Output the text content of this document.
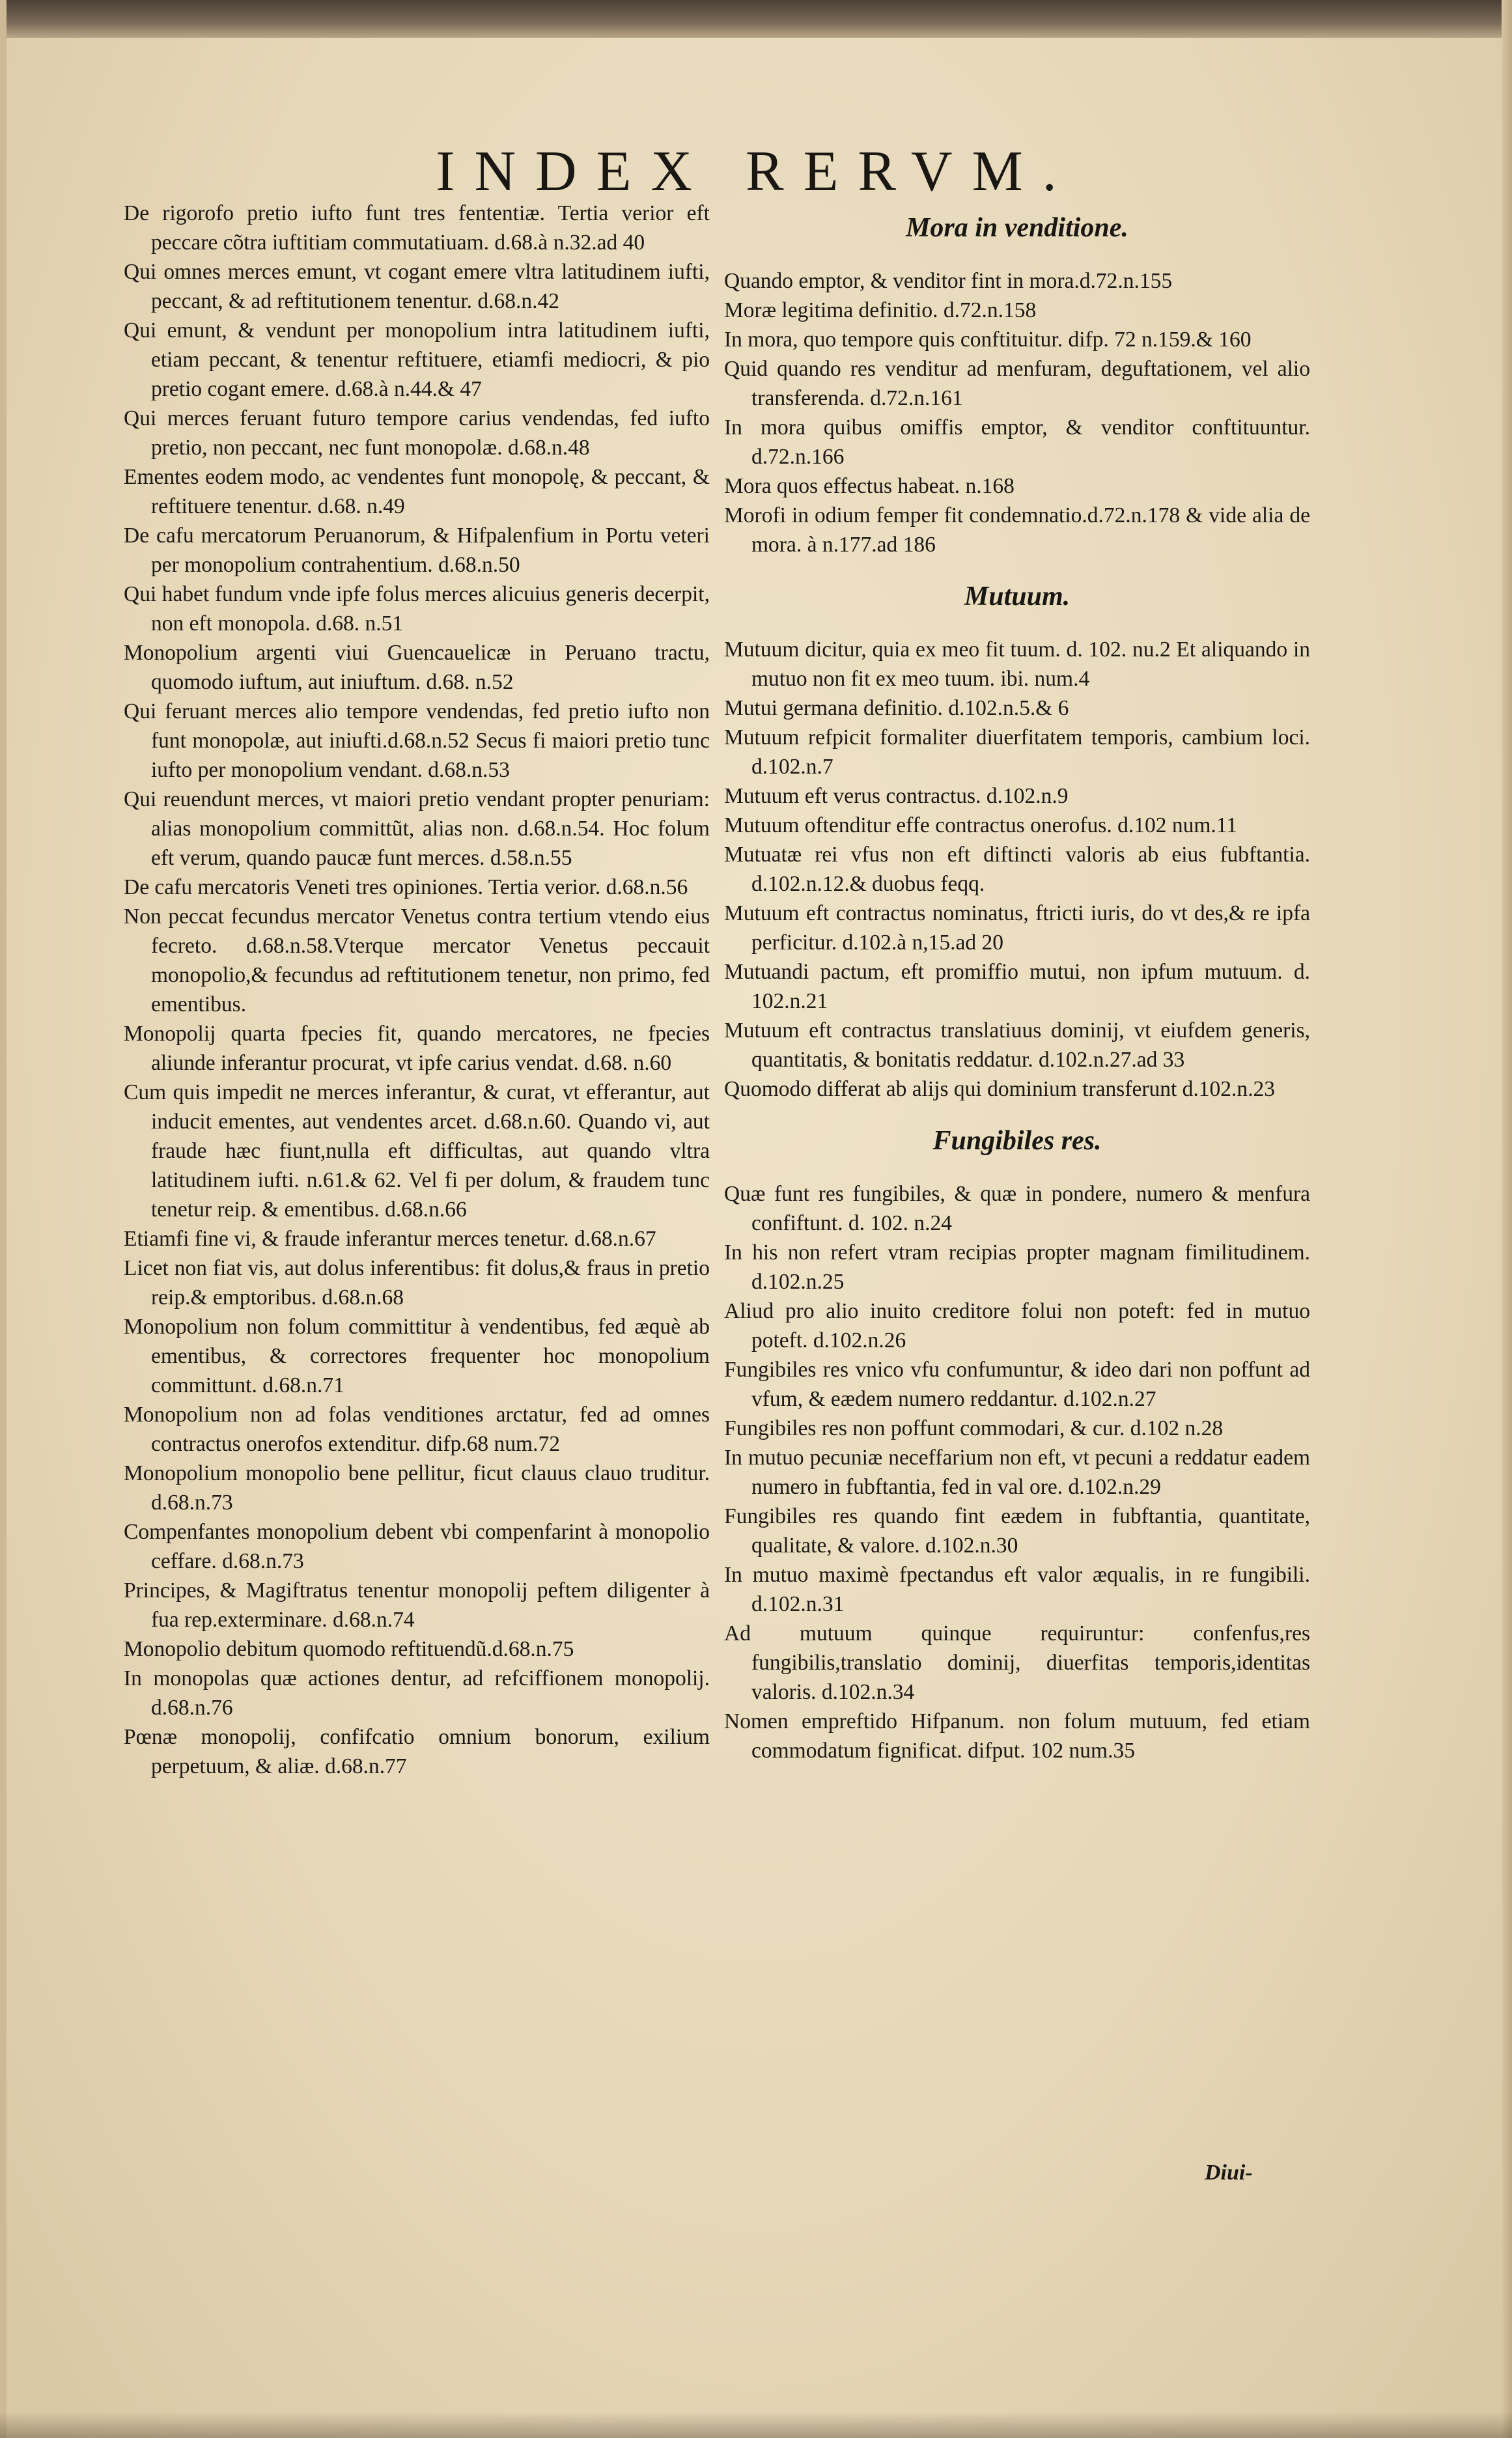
INDEX RERVM.
De rigorofo pretio iufto funt tres fententiæ. Tertia verior eft peccare cõtra iuftitiam commutatiuam. d.68.à n.32.ad 40
Qui omnes merces emunt, vt cogant emere vltra latitudinem iufti, peccant, & ad reftitutionem tenentur. d.68.n.42
Qui emunt, & vendunt per monopolium intra latitudinem iufti, etiam peccant, & tenentur reftituere, etiamfi mediocri, & pio pretio cogant emere. d.68.à n.44.& 47
Qui merces feruant futuro tempore carius vendendas, fed iufto pretio, non peccant, nec funt monopolæ. d.68.n.48
Ementes eodem modo, ac vendentes funt monopolę, & peccant, & reftituere tenentur. d.68. n.49
De cafu mercatorum Peruanorum, & Hifpalenfium in Portu veteri per monopolium contrahentium. d.68.n.50
Qui habet fundum vnde ipfe folus merces alicuius generis decerpit, non eft monopola. d.68. n.51
Monopolium argenti viui Guencauelicæ in Peruano tractu, quomodo iuftum, aut iniuftum. d.68. n.52
Qui feruant merces alio tempore vendendas, fed pretio iufto non funt monopolæ, aut iniufti.d.68.n.52 Secus fi maiori pretio tunc iufto per monopolium vendant. d.68.n.53
Qui reuendunt merces, vt maiori pretio vendant propter penuriam: alias monopolium committũt, alias non. d.68.n.54. Hoc folum eft verum, quando paucæ funt merces. d.58.n.55
De cafu mercatoris Veneti tres opiniones. Tertia verior. d.68.n.56
Non peccat fecundus mercator Venetus contra tertium vtendo eius fecreto. d.68.n.58.Vterque mercator Venetus peccauit monopolio,& fecundus ad reftitutionem tenetur, non primo, fed ementibus.
Monopolij quarta fpecies fit, quando mercatores, ne fpecies aliunde inferantur procurat, vt ipfe carius vendat. d.68. n.60
Cum quis impedit ne merces inferantur, & curat, vt efferantur, aut inducit ementes, aut vendentes arcet. d.68.n.60. Quando vi, aut fraude hæc fiunt,nulla eft difficultas, aut quando vltra latitudinem iufti. n.61.& 62. Vel fi per dolum, & fraudem tunc tenetur reip. & ementibus. d.68.n.66
Etiamfi fine vi, & fraude inferantur merces tenetur. d.68.n.67
Licet non fiat vis, aut dolus inferentibus: fit dolus,& fraus in pretio reip.& emptoribus. d.68.n.68
Monopolium non folum committitur à vendentibus, fed æquè ab ementibus, & correctores frequenter hoc monopolium committunt. d.68.n.71
Monopolium non ad folas venditiones arctatur, fed ad omnes contractus onerofos extenditur. difp.68 num.72
Monopolium monopolio bene pellitur, ficut clauus clauo truditur. d.68.n.73
Compenfantes monopolium debent vbi compenfarint à monopolio ceffare. d.68.n.73
Principes, & Magiftratus tenentur monopolij peftem diligenter à fua rep.exterminare. d.68.n.74
Monopolio debitum quomodo reftituendũ.d.68.n.75
In monopolas quæ actiones dentur, ad refciffionem monopolij. d.68.n.76
Pœnæ monopolij, confifcatio omnium bonorum, exilium perpetuum, & aliæ. d.68.n.77
Mora in venditione.
Quando emptor, & venditor fint in mora.d.72.n.155
Moræ legitima definitio. d.72.n.158
In mora, quo tempore quis conftituitur. difp. 72 n.159.& 160
Quid quando res venditur ad menfuram, deguftationem, vel alio transferenda. d.72.n.161
In mora quibus omiffis emptor, & venditor conftituuntur. d.72.n.166
Mora quos effectus habeat. n.168
Morofi in odium femper fit condemnatio.d.72.n.178 & vide alia de mora. à n.177.ad 186
Mutuum.
Mutuum dicitur, quia ex meo fit tuum. d. 102. nu.2 Et aliquando in mutuo non fit ex meo tuum. ibi. num.4
Mutui germana definitio. d.102.n.5.& 6
Mutuum refpicit formaliter diuerfitatem temporis, cambium loci. d.102.n.7
Mutuum eft verus contractus. d.102.n.9
Mutuum oftenditur effe contractus onerofus. d.102 num.11
Mutuatæ rei vfus non eft diftincti valoris ab eius fubftantia. d.102.n.12.& duobus feqq.
Mutuum eft contractus nominatus, ftricti iuris, do vt des,& re ipfa perficitur. d.102.à n,15.ad 20
Mutuandi pactum, eft promiffio mutui, non ipfum mutuum. d. 102.n.21
Mutuum eft contractus translatiuus dominij, vt eiufdem generis, quantitatis, & bonitatis reddatur. d.102.n.27.ad 33
Quomodo differat ab alijs qui dominium transferunt d.102.n.23
Fungibiles res.
Quæ funt res fungibiles, & quæ in pondere, numero & menfura confiftunt. d. 102. n.24
In his non refert vtram recipias propter magnam fimilitudinem. d.102.n.25
Aliud pro alio inuito creditore folui non poteft: fed in mutuo poteft. d.102.n.26
Fungibiles res vnico vfu confumuntur, & ideo dari non poffunt ad vfum, & eædem numero reddantur. d.102.n.27
Fungibiles res non poffunt commodari, & cur. d.102 n.28
In mutuo pecuniæ neceffarium non eft, vt pecuni a reddatur eadem numero in fubftantia, fed in val ore. d.102.n.29
Fungibiles res quando fint eædem in fubftantia, quantitate, qualitate, & valore. d.102.n.30
In mutuo maximè fpectandus eft valor æqualis, in re fungibili. d.102.n.31
Ad mutuum quinque requiruntur: confenfus,res fungibilis,translatio dominij, diuerfitas temporis,identitas valoris. d.102.n.34
Nomen empreftido Hifpanum. non folum mutuum, fed etiam commodatum fignificat. difput. 102 num.35
Diui-
